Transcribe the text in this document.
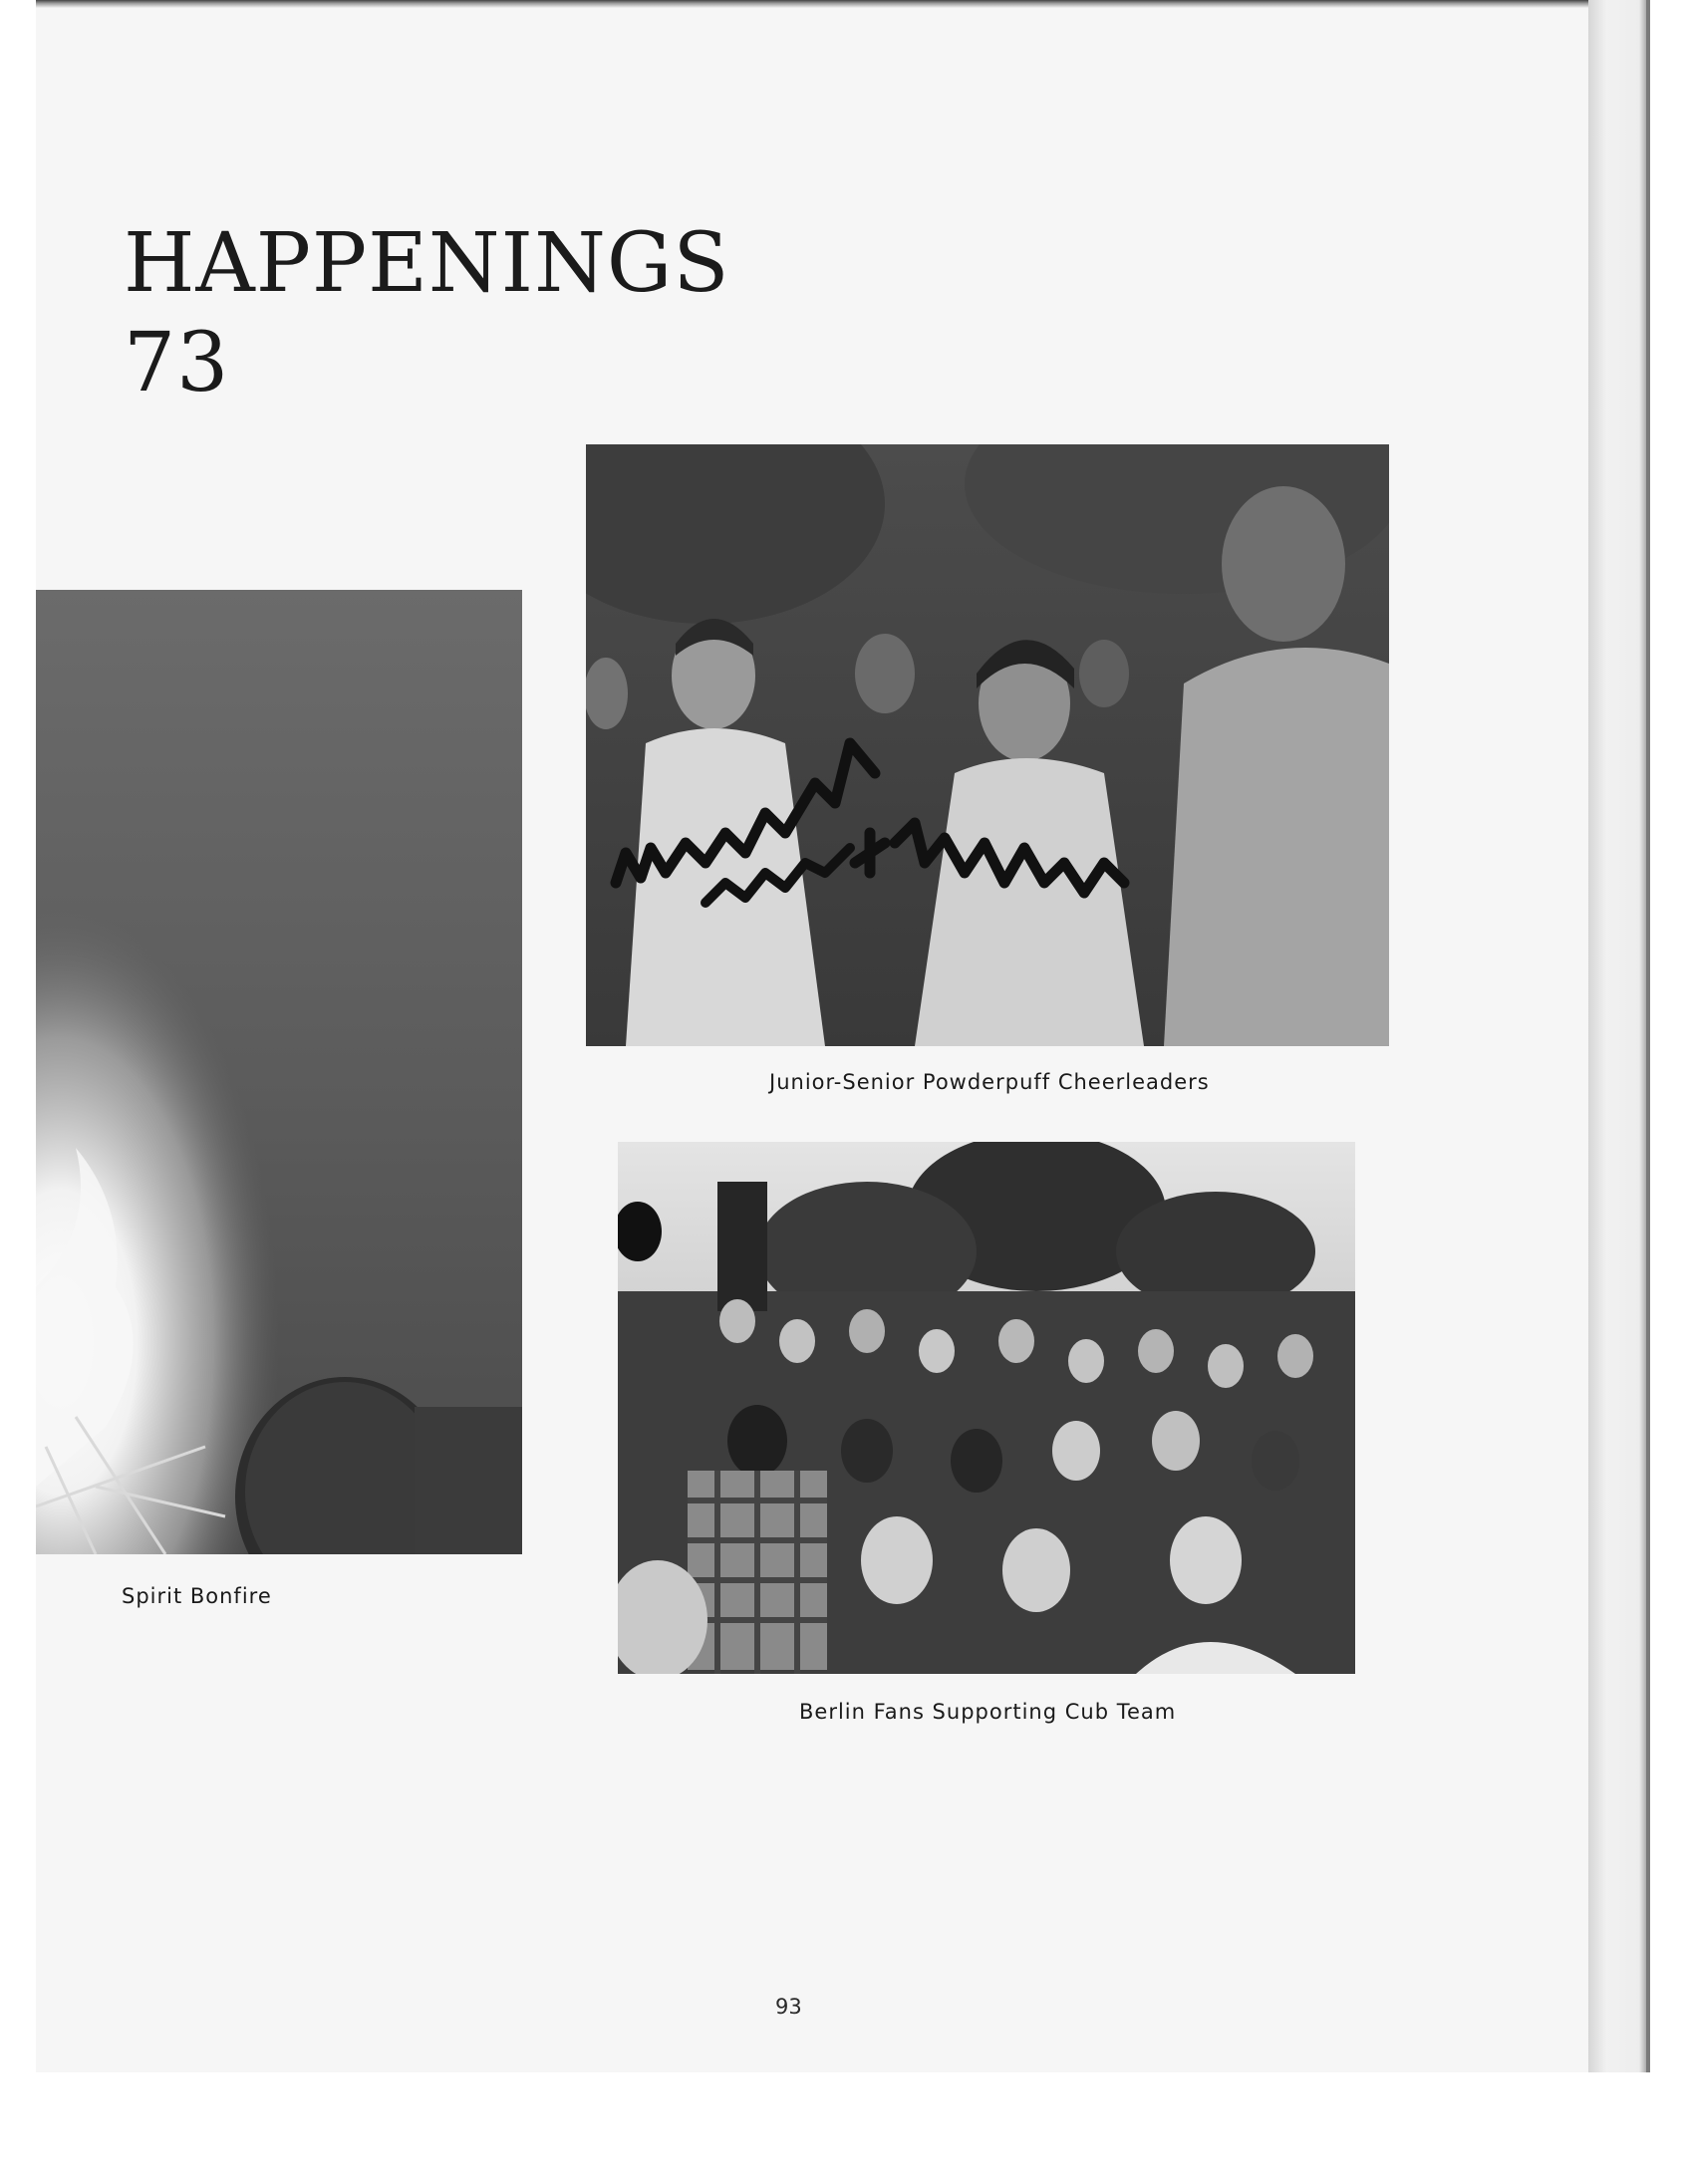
HAPPENINGS
73

Spirit Bonfire

Junior-Senior Powderpuff Cheerleaders

Berlin Fans Supporting Cub Team

93
